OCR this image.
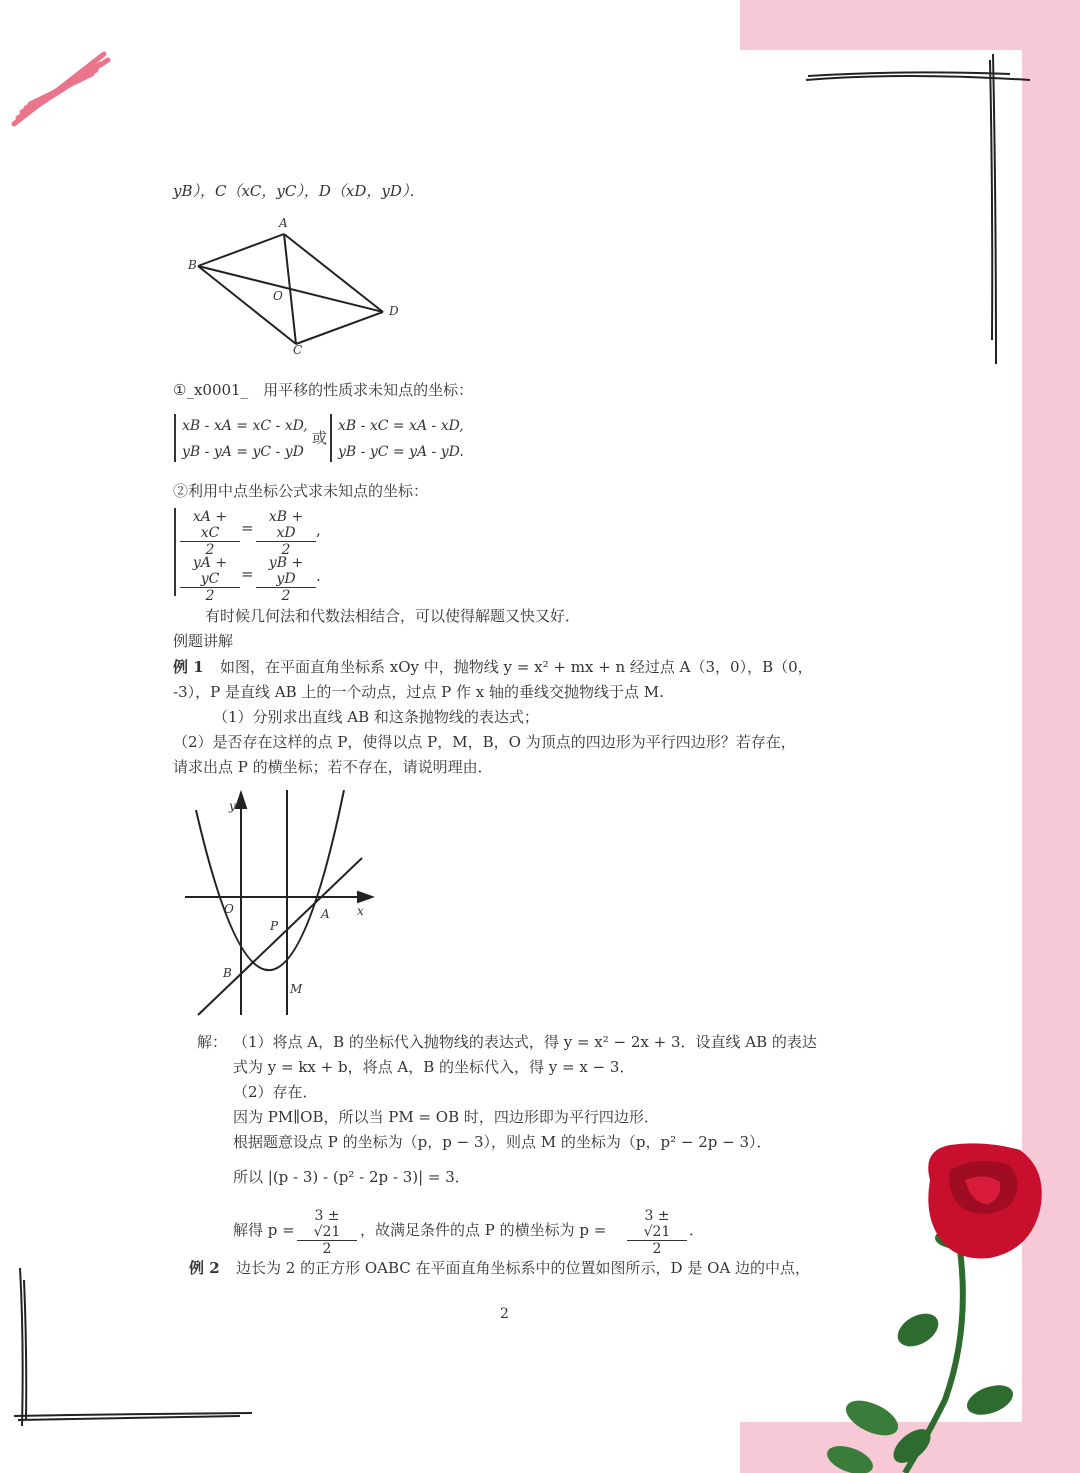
yB），C（xC，yC），D（xD，yD）．
A
B
C
D
O
①_x0001_　用平移的性质求未知点的坐标：
xB - xA = xC - xD,
yB - yA = yC - yD
或
xB - xC = xA - xD,
yB - yC = yA - yD.
②利用中点坐标公式求未知点的坐标：
$\frac{xA + xC}{2} = \frac{xB + xD}{2}$ ,
$\frac{yA + yC}{2} = \frac{yB + yD}{2}$ .
有时候几何法和代数法相结合，可以使得解题又快又好．
例题讲解
例 1 如图，在平面直角坐标系 xOy 中，抛物线 y = x² + mx + n 经过点 A（3，0），B（0，
-3），P 是直线 AB 上的一个动点，过点 P 作 x 轴的垂线交抛物线于点 M.
（1）分别求出直线 AB 和这条抛物线的表达式；
（2）是否存在这样的点 P，使得以点 P，M，B，O 为顶点的四边形为平行四边形？若存在，
请求出点 P 的横坐标；若不存在，请说明理由．
y
x
O	A
P
B
M
解： （1）将点 A，B 的坐标代入抛物线的表达式，得 y = x² − 2x + 3．设直线 AB 的表达
式为 y = kx + b，将点 A，B 的坐标代入，得 y = x − 3．
（2）存在．
因为 PM∥OB，所以当 PM = OB 时，四边形即为平行四边形．
根据题意设点 P 的坐标为（p，p − 3），则点 M 的坐标为（p，p² − 2p − 3）．
所以 |(p - 3) - (p² - 2p - 3)| = 3．
解得 $p = \frac{3 \pm √21}{2}$ ，故满足条件的点 P 的横坐标为 $p = \frac{3 \pm √21}{2}$ ．
例 2 边长为 2 的正方形 OABC 在平面直角坐标系中的位置如图所示，D 是 OA 边的中点，
2
